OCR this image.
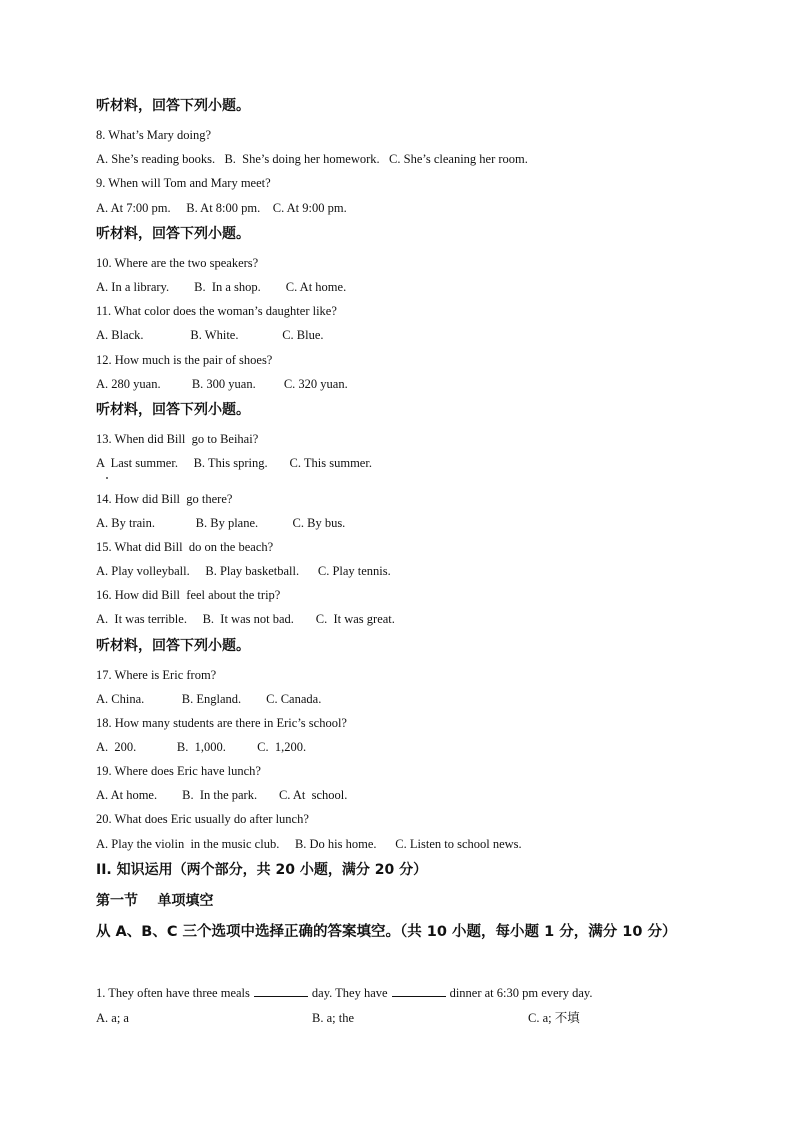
听材料，回答下列小题。
8. What’s Mary doing?
A. She’s reading books.   B.  She’s doing her homework.   C. She’s cleaning her room.
9. When will Tom and Mary meet?
A. At 7:00 pm.     B. At 8:00 pm.    C. At 9:00 pm.
听材料，回答下列小题。
10. Where are the two speakers?
A. In a library.        B.  In a shop.        C. At home.
11. What color does the woman’s daughter like?
A. Black.               B. White.              C. Blue.
12. How much is the pair of shoes?
A. 280 yuan.          B. 300 yuan.         C. 320 yuan.
听材料，回答下列小题。
13. When did Bill  go to Beihai?
A  Last summer.     B. This spring.       C. This summer.
14. How did Bill  go there?
A. By train.             B. By plane.           C. By bus.
15. What did Bill  do on the beach?
A. Play volleyball.     B. Play basketball.      C. Play tennis.
16. How did Bill  feel about the trip?
A.  It was terrible.     B.  It was not bad.       C.  It was great.
听材料，回答下列小题。
17. Where is Eric from?
A. China.            B. England.        C. Canada.
18. How many students are there in Eric’s school?
A.  200.             B.  1,000.          C.  1,200.
19. Where does Eric have lunch?
A. At home.        B.  In the park.       C. At  school.
20. What does Eric usually do after lunch?
A. Play the violin  in the music club.     B. Do his home.      C. Listen to school news.
II. 知识运用（两个部分，共 20 小题，满分 20 分）
第一节    单项填空
从 A、B、C 三个选项中选择正确的答案填空。（共 10 小题，每小题 1 分，满分 10 分）
1. They often have three meals	day. They have	dinner at 6:30 pm every day.
A. a; a	B. a; the	C. a; 不填
